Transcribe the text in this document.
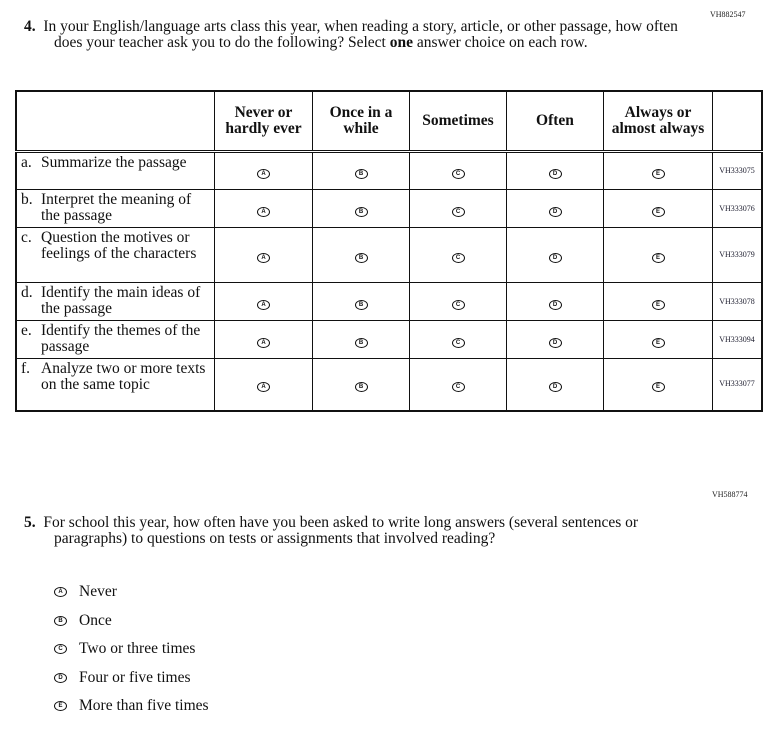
VH882547
4. In your English/language arts class this year, when reading a story, article, or other passage, how often does your teacher ask you to do the following? Select one answer choice on each row.
	Never or hardly ever	Once in a while	Sometimes	Often	Always or almost always	

a. Summarize the passage	A	B	C	D	E	VH333075

b. Interpret the meaning of the passage	A	B	C	D	E	VH333076

c. Question the motives or feelings of the characters	A	B	C	D	E	VH333079

d. Identify the main ideas of the passage	A	B	C	D	E	VH333078

e. Identify the themes of the passage	A	B	C	D	E	VH333094

f. Analyze two or more texts on the same topic	A	B	C	D	E	VH333077
VH588774
5. For school this year, how often have you been asked to write long answers (several sentences or paragraphs) to questions on tests or assignments that involved reading?
A Never
B Once
C Two or three times
D Four or five times
E More than five times
